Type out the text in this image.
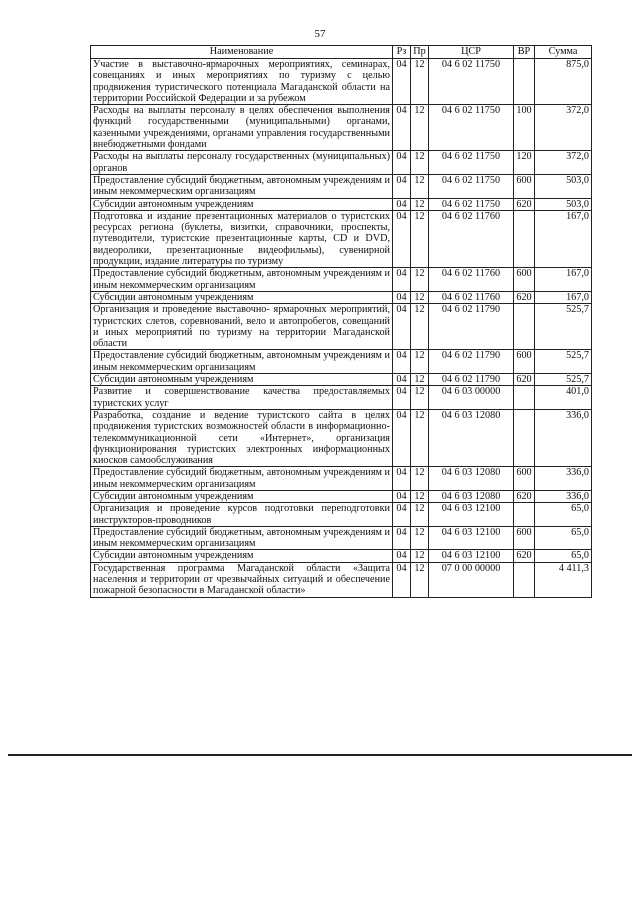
57
Наименование	Рз	Пр	ЦСР	ВР	Сумма
Участие в выставочно-ярмарочных мероприятиях, семинарах, совещаниях и иных мероприятиях по туризму с целью продвижения туристического потенциала Магаданской области на территории Российской Федерации и за рубежом	04	12	04 6 02 11750		875,0
Расходы на выплаты персоналу в целях обеспечения выполнения функций государственными (муниципальными) органами, казенными учреждениями, органами управления государственными внебюджетными фондами	04	12	04 6 02 11750	100	372,0
Расходы на выплаты персоналу государственных (муниципальных) органов	04	12	04 6 02 11750	120	372,0
Предоставление субсидий бюджетным, автономным учреждениям и иным некоммерческим организациям	04	12	04 6 02 11750	600	503,0
Субсидии автономным учреждениям	04	12	04 6 02 11750	620	503,0
Подготовка и издание презентационных материалов о туристских ресурсах региона (буклеты, визитки, справочники, проспекты, путеводители, туристские презентационные карты, CD и DVD, видеоролики, презентационные видеофильмы), сувенирной продукции, издание литературы по туризму	04	12	04 6 02 11760		167,0
Предоставление субсидий бюджетным, автономным учреждениям и иным некоммерческим организациям	04	12	04 6 02 11760	600	167,0
Субсидии автономным учреждениям	04	12	04 6 02 11760	620	167,0
Организация и проведение выставочно- ярмарочных мероприятий, туристских слетов, соревнований, вело и автопробегов, совещаний и иных мероприятий по туризму на территории Магаданской области	04	12	04 6 02 11790		525,7
Предоставление субсидий бюджетным, автономным учреждениям и иным некоммерческим организациям	04	12	04 6 02 11790	600	525,7
Субсидии автономным учреждениям	04	12	04 6 02 11790	620	525,7
Развитие и совершенствование качества предоставляемых туристских услуг	04	12	04 6 03 00000		401,0
Разработка, создание и ведение туристского сайта в целях продвижения туристских возможностей области в информационно-телекоммуникационной сети «Интернет», организация функционирования туристских электронных информационных киосков самообслуживания	04	12	04 6 03 12080		336,0
Предоставление субсидий бюджетным, автономным учреждениям и иным некоммерческим организациям	04	12	04 6 03 12080	600	336,0
Субсидии автономным учреждениям	04	12	04 6 03 12080	620	336,0
Организация и проведение курсов подготовки переподготовки инструкторов-проводников	04	12	04 6 03 12100		65,0
Предоставление субсидий бюджетным, автономным учреждениям и иным некоммерческим организациям	04	12	04 6 03 12100	600	65,0
Субсидии автономным учреждениям	04	12	04 6 03 12100	620	65,0
Государственная программа Магаданской области «Защита населения и территории от чрезвычайных ситуаций и обеспечение пожарной безопасности в Магаданской области»	04	12	07 0 00 00000		4 411,3
